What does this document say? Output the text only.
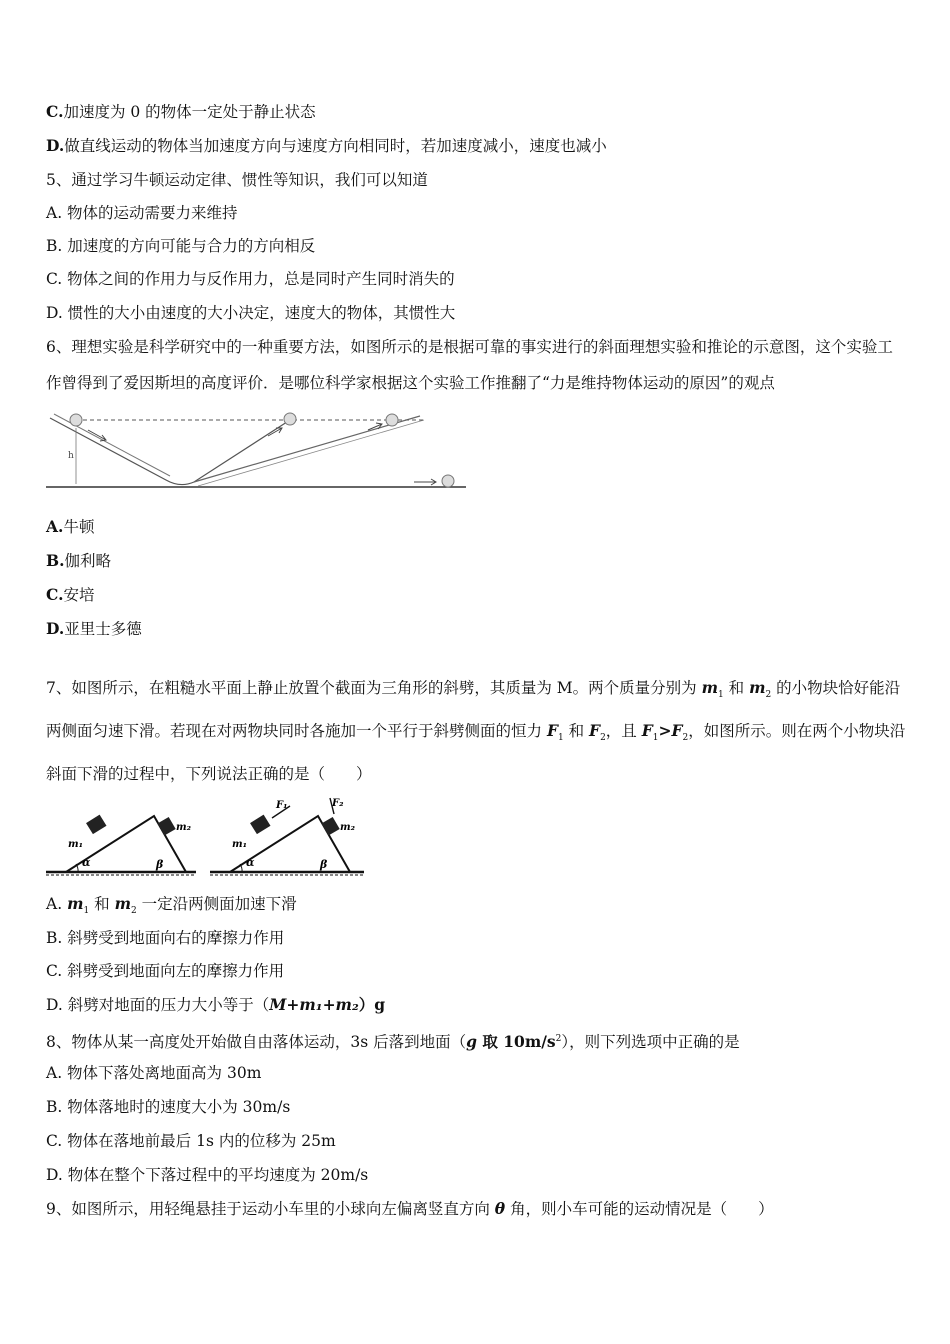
C.加速度为 0 的物体一定处于静止状态
D.做直线运动的物体当加速度方向与速度方向相同时，若加速度减小，速度也减小
5、通过学习牛顿运动定律、惯性等知识，我们可以知道
A. 物体的运动需要力来维持
B. 加速度的方向可能与合力的方向相反
C. 物体之间的作用力与反作用力，总是同时产生同时消失的
D. 惯性的大小由速度的大小决定，速度大的物体，其惯性大
6、理想实验是科学研究中的一种重要方法，如图所示的是根据可靠的事实进行的斜面理想实验和推论的示意图，这个实验工作曾得到了爱因斯坦的高度评价．是哪位科学家根据这个实验工作推翻了“力是维持物体运动的原因”的观点
h
A.牛顿
B.伽利略
C.安培
D.亚里士多德
7、如图所示，在粗糙水平面上静止放置个截面为三角形的斜劈，其质量为 M。两个质量分别为 $m_1$ 和 $m_2$ 的小物块恰好能沿两侧面匀速下滑。若现在对两物块同时各施加一个平行于斜劈侧面的恒力 $F_1$ 和 $F_2$，且 $F_1>F_2$，如图所示。则在两个小物块沿斜面下滑的过程中，下列说法正确的是（　　）
m₁
m₂
α	β
m₁
m₂
α	β
F₁	F₂
A. $m_1$ 和 $m_2$ 一定沿两侧面加速下滑
B. 斜劈受到地面向右的摩擦力作用
C. 斜劈受到地面向左的摩擦力作用
D. 斜劈对地面的压力大小等于（M+m₁+m₂）g
8、物体从某一高度处开始做自由落体运动，3s 后落到地面（g 取 $10m/s^2$），则下列选项中正确的是
A. 物体下落处离地面高为 30m
B. 物体落地时的速度大小为 30m/s
C. 物体在落地前最后 1s 内的位移为 25m
D. 物体在整个下落过程中的平均速度为 20m/s
9、如图所示，用轻绳悬挂于运动小车里的小球向左偏离竖直方向 θ 角，则小车可能的运动情况是（　　）
